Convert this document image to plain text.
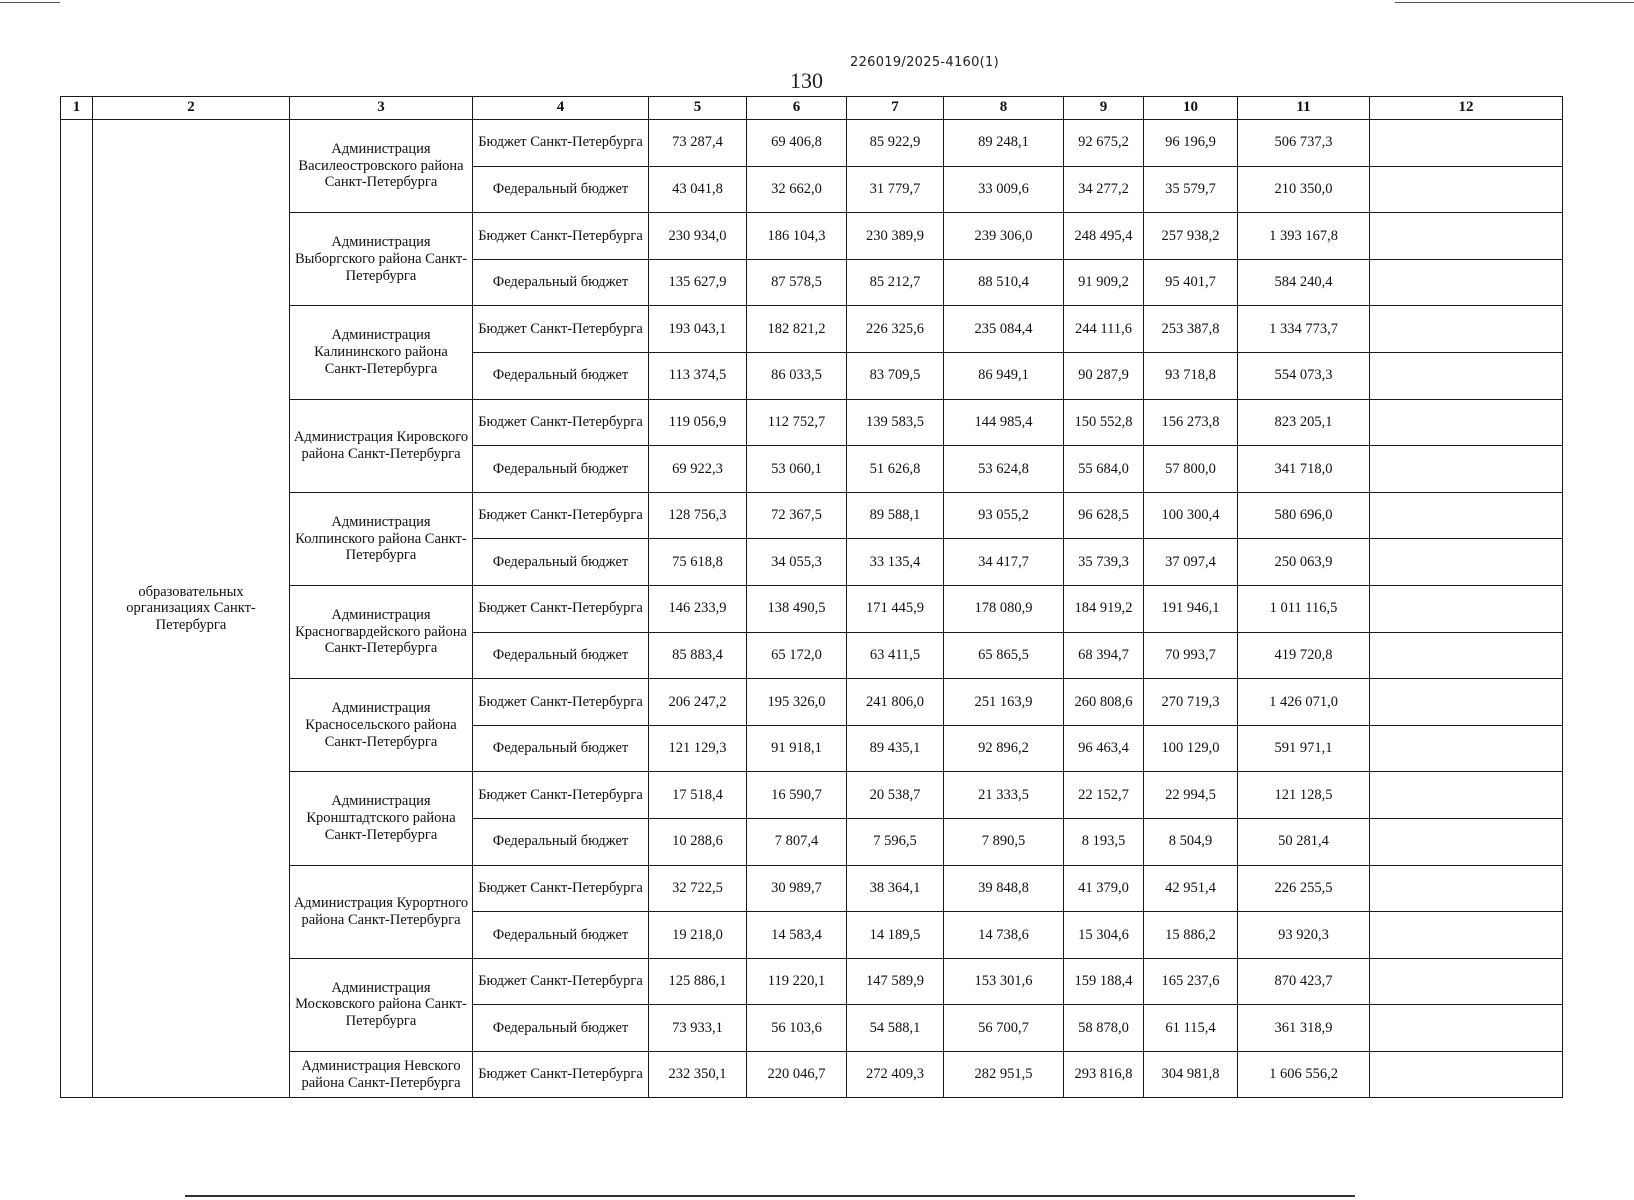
226019/2025-4160(1)
130
1	2	3	4	5	6	7	8	9	10	11	12
	образовательных организациях Санкт-Петербурга	Администрация Василеостровского района Санкт-Петербурга	Бюджет Санкт-Петербурга	73 287,4	69 406,8	85 922,9	89 248,1	92 675,2	96 196,9	506 737,3	
			Федеральный бюджет	43 041,8	32 662,0	31 779,7	33 009,6	34 277,2	35 579,7	210 350,0	
		Администрация Выборгского района Санкт-Петербурга	Бюджет Санкт-Петербурга	230 934,0	186 104,3	230 389,9	239 306,0	248 495,4	257 938,2	1 393 167,8	
			Федеральный бюджет	135 627,9	87 578,5	85 212,7	88 510,4	91 909,2	95 401,7	584 240,4	
		Администрация Калининского района Санкт-Петербурга	Бюджет Санкт-Петербурга	193 043,1	182 821,2	226 325,6	235 084,4	244 111,6	253 387,8	1 334 773,7	
			Федеральный бюджет	113 374,5	86 033,5	83 709,5	86 949,1	90 287,9	93 718,8	554 073,3	
		Администрация Кировского района Санкт-Петербурга	Бюджет Санкт-Петербурга	119 056,9	112 752,7	139 583,5	144 985,4	150 552,8	156 273,8	823 205,1	
			Федеральный бюджет	69 922,3	53 060,1	51 626,8	53 624,8	55 684,0	57 800,0	341 718,0	
		Администрация Колпинского района Санкт-Петербурга	Бюджет Санкт-Петербурга	128 756,3	72 367,5	89 588,1	93 055,2	96 628,5	100 300,4	580 696,0	
			Федеральный бюджет	75 618,8	34 055,3	33 135,4	34 417,7	35 739,3	37 097,4	250 063,9	
		Администрация Красногвардейского района Санкт-Петербурга	Бюджет Санкт-Петербурга	146 233,9	138 490,5	171 445,9	178 080,9	184 919,2	191 946,1	1 011 116,5	
			Федеральный бюджет	85 883,4	65 172,0	63 411,5	65 865,5	68 394,7	70 993,7	419 720,8	
		Администрация Красносельского района Санкт-Петербурга	Бюджет Санкт-Петербурга	206 247,2	195 326,0	241 806,0	251 163,9	260 808,6	270 719,3	1 426 071,0	
			Федеральный бюджет	121 129,3	91 918,1	89 435,1	92 896,2	96 463,4	100 129,0	591 971,1	
		Администрация Кронштадтского района Санкт-Петербурга	Бюджет Санкт-Петербурга	17 518,4	16 590,7	20 538,7	21 333,5	22 152,7	22 994,5	121 128,5	
			Федеральный бюджет	10 288,6	7 807,4	7 596,5	7 890,5	8 193,5	8 504,9	50 281,4	
		Администрация Курортного района Санкт-Петербурга	Бюджет Санкт-Петербурга	32 722,5	30 989,7	38 364,1	39 848,8	41 379,0	42 951,4	226 255,5	
			Федеральный бюджет	19 218,0	14 583,4	14 189,5	14 738,6	15 304,6	15 886,2	93 920,3	
		Администрация Московского района Санкт-Петербурга	Бюджет Санкт-Петербурга	125 886,1	119 220,1	147 589,9	153 301,6	159 188,4	165 237,6	870 423,7	
			Федеральный бюджет	73 933,1	56 103,6	54 588,1	56 700,7	58 878,0	61 115,4	361 318,9	
		Администрация Невского района Санкт-Петербурга	Бюджет Санкт-Петербурга	232 350,1	220 046,7	272 409,3	282 951,5	293 816,8	304 981,8	1 606 556,2	
